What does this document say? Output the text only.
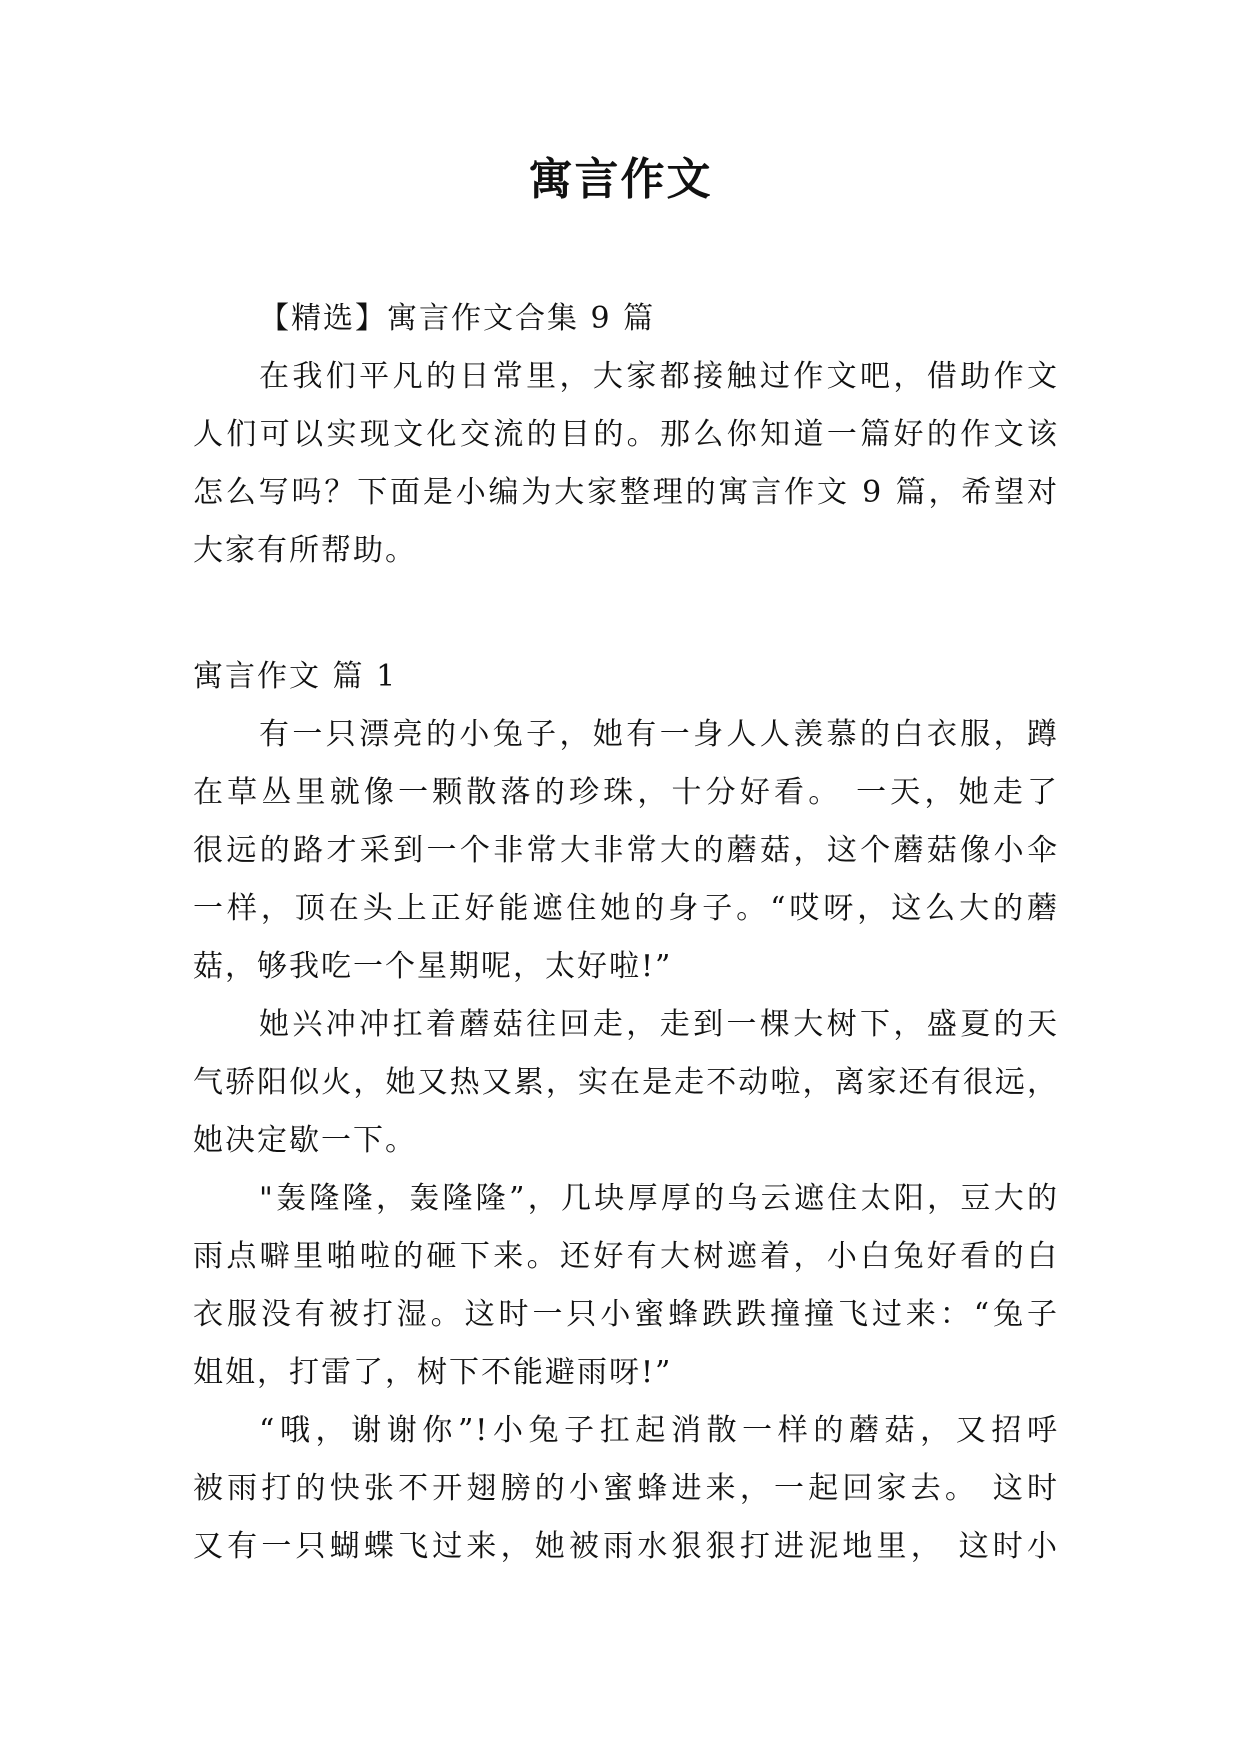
寓言作文

【精选】寓言作文合集 9 篇

在我们平凡的日常里，大家都接触过作文吧，借助作文
人们可以实现文化交流的目的。那么你知道一篇好的作文该
怎么写吗？下面是小编为大家整理的寓言作文 9 篇，希望对
大家有所帮助。

寓言作文 篇 1

有一只漂亮的小兔子，她有一身人人羡慕的白衣服，蹲
在草丛里就像一颗散落的珍珠，十分好看。 一天，她走了
很远的路才采到一个非常大非常大的蘑菇，这个蘑菇像小伞
一样，顶在头上正好能遮住她的身子。“哎呀，这么大的蘑
菇，够我吃一个星期呢，太好啦!”

她兴冲冲扛着蘑菇往回走，走到一棵大树下，盛夏的天
气骄阳似火，她又热又累，实在是走不动啦，离家还有很远，
她决定歇一下。

"轰隆隆，轰隆隆”，几块厚厚的乌云遮住太阳，豆大的
雨点噼里啪啦的砸下来。还好有大树遮着，小白兔好看的白
衣服没有被打湿。这时一只小蜜蜂跌跌撞撞飞过来：“兔子
姐姐，打雷了，树下不能避雨呀!”

“哦，谢谢你”!小兔子扛起消散一样的蘑菇，又招呼
被雨打的快张不开翅膀的小蜜蜂进来，一起回家去。 这时
又有一只蝴蝶飞过来，她被雨水狠狠打进泥地里， 这时小
